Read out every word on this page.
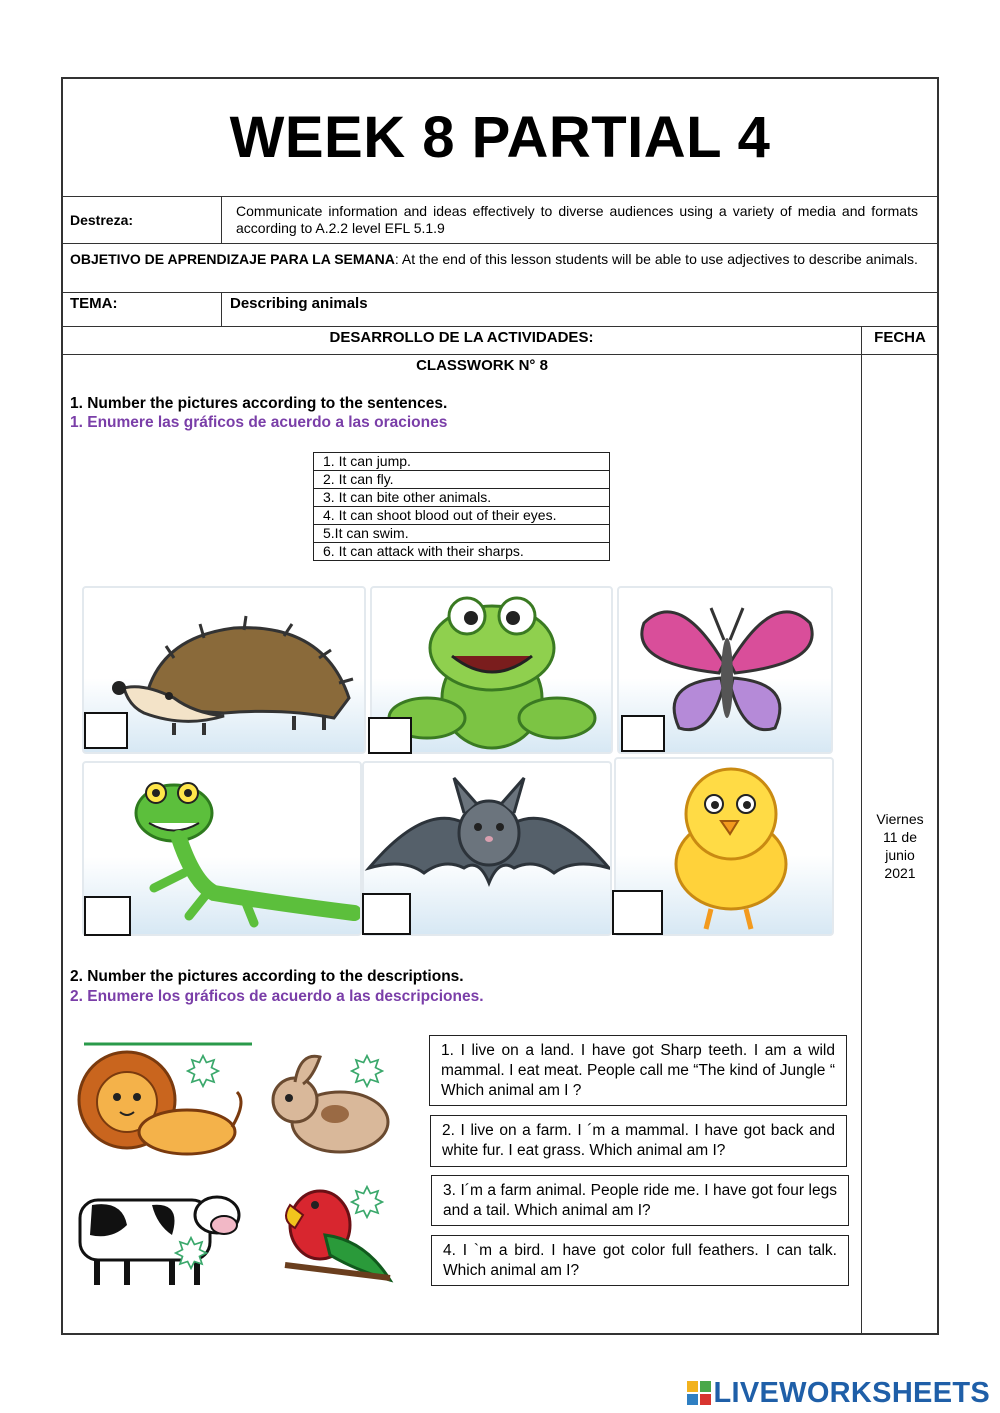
WEEK 8 PARTIAL 4
Destreza:
Communicate information and ideas effectively to diverse audiences using a variety of media and formats according to A.2.2 level EFL 5.1.9
OBJETIVO DE APRENDIZAJE PARA LA SEMANA: At the end of this lesson students will be able to use adjectives to describe animals.
TEMA:	Describing animals
DESARROLLO DE LA ACTIVIDADES:	FECHA
CLASSWORK N° 8
1. Number the pictures according to the sentences.
1. Enumere las gráficos de acuerdo a las oraciones
1. It can jump.
2. It can fly.
3. It can bite other animals.
4. It can shoot blood out of their eyes.
5.It can swim.
6. It can attack with their sharps.
2. Number the pictures according to the descriptions.
2. Enumere los gráficos de acuerdo a las descripciones.
1. I live on a land. I have got Sharp teeth. I am a wild mammal. I eat meat. People call me “The kind of Jungle “ Which animal am I ?
2. I live on a farm. I ´m a mammal. I have got back and white fur. I eat grass. Which animal am I?
3. I´m a farm animal. People ride me. I have got four legs and a tail. Which animal am I?
4. I `m a bird. I have got color full feathers. I can talk. Which animal am I?
Viernes
11 de
junio
2021
LIVEWORKSHEETS
